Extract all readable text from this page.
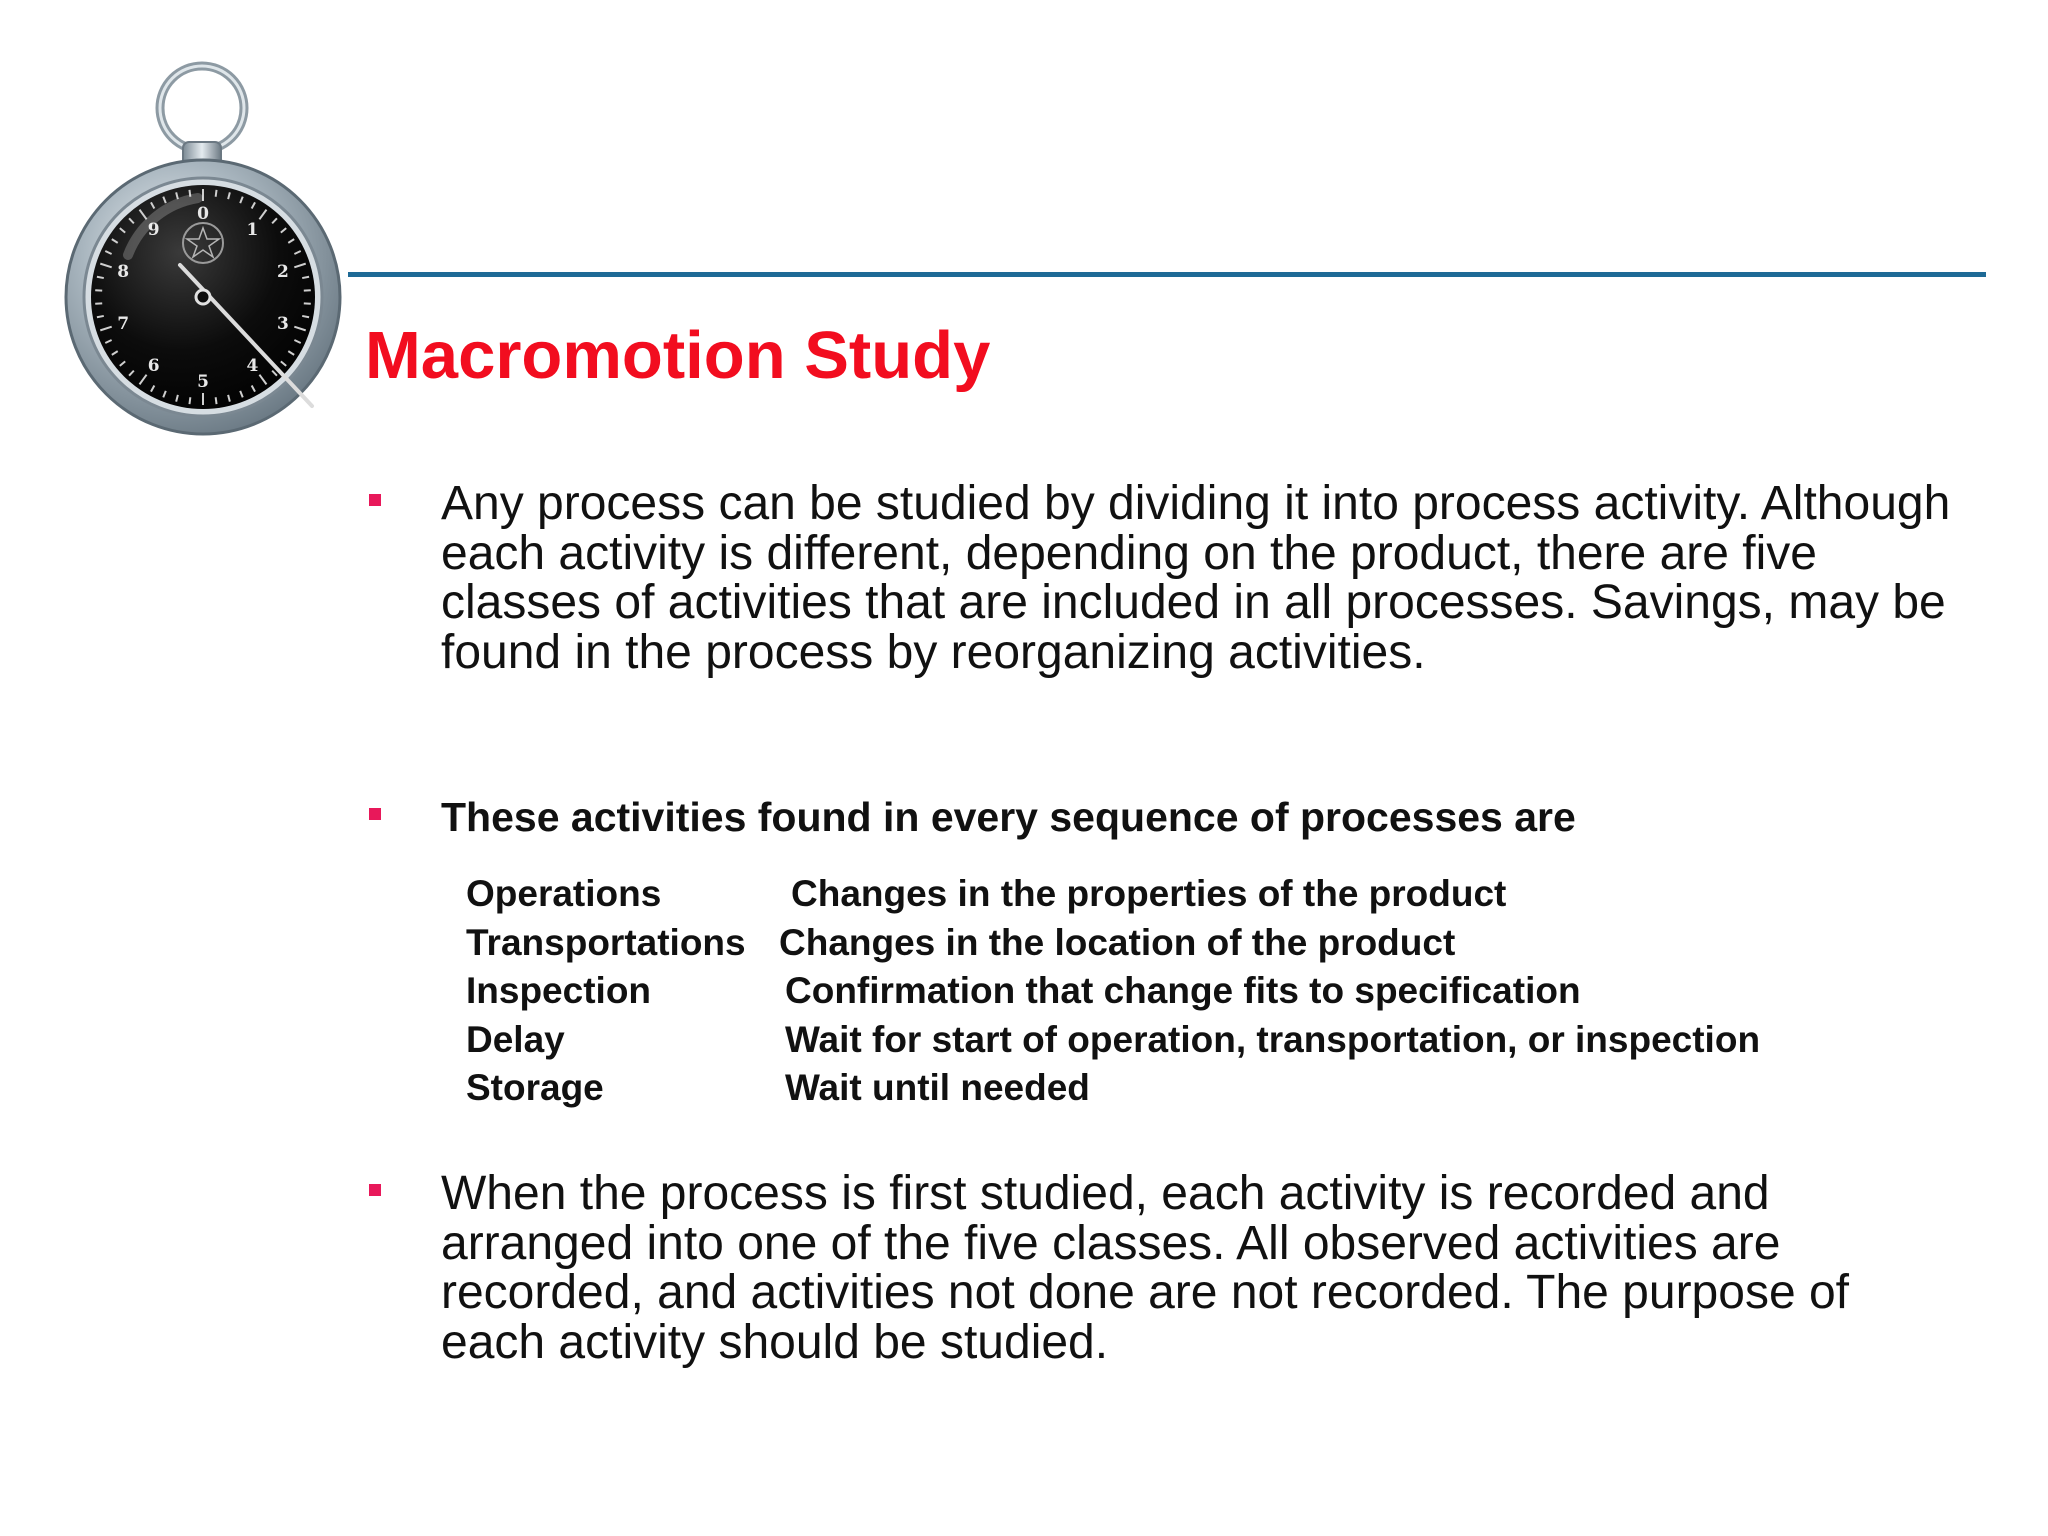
0
1
2
3
4
5
6
7
8
9
Macromotion Study

Any process can be studied by dividing it into process activity. Although each activity is different, depending on the product, there are five classes of activities that are included in all processes. Savings, may be found in the process by reorganizing activities.

These activities found in every sequence of processes are

Operations	Changes in the properties of the product
Transportations Changes in the location of the product
Inspection	Confirmation that change fits to specification
Delay	Wait for start of operation, transportation, or inspection
Storage	Wait until needed

When the process is first studied, each activity is recorded and arranged into one of the five classes. All observed activities are recorded, and activities not done are not recorded. The purpose of each activity should be studied.
